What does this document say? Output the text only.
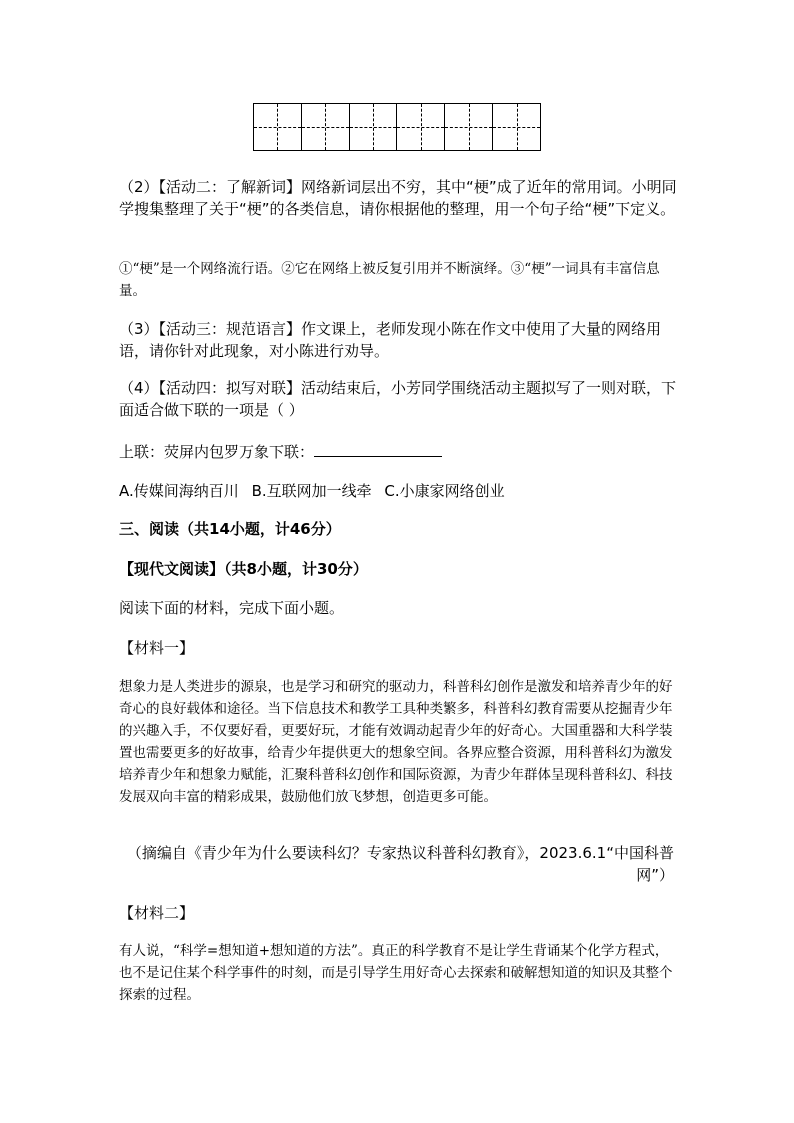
（2）【活动二：了解新词】网络新词层出不穷，其中“梗”成了近年的常用词。小明同学搜集整理了关于“梗”的各类信息，请你根据他的整理，用一个句子给“梗”下定义。
①“梗”是一个网络流行语。②它在网络上被反复引用并不断演绎。③“梗”一词具有丰富信息量。
（3）【活动三：规范语言】作文课上，老师发现小陈在作文中使用了大量的网络用语，请你针对此现象，对小陈进行劝导。
（4）【活动四：拟写对联】活动结束后，小芳同学围绕活动主题拟写了一则对联，下面适合做下联的一项是（ ）
上联：荧屏内包罗万象下联：
A.传媒间海纳百川 B.互联网加一线牵 C.小康家网络创业
三、阅读（共14小题，计46分）
【现代文阅读】（共8小题，计30分）
阅读下面的材料，完成下面小题。
【材料一】
想象力是人类进步的源泉，也是学习和研究的驱动力，科普科幻创作是激发和培养青少年的好奇心的良好载体和途径。当下信息技术和教学工具种类繁多，科普科幻教育需要从挖掘青少年的兴趣入手，不仅要好看，更要好玩，才能有效调动起青少年的好奇心。大国重器和大科学装置也需要更多的好故事，给青少年提供更大的想象空间。各界应整合资源，用科普科幻为激发培养青少年和想象力赋能，汇聚科普科幻创作和国际资源，为青少年群体呈现科普科幻、科技发展双向丰富的精彩成果，鼓励他们放飞梦想，创造更多可能。
（摘编自《青少年为什么要读科幻？专家热议科普科幻教育》，2023.6.1“中国科普网”）
【材料二】
有人说，“科学=想知道+想知道的方法”。真正的科学教育不是让学生背诵某个化学方程式，也不是记住某个科学事件的时刻，而是引导学生用好奇心去探索和破解想知道的知识及其整个探索的过程。
